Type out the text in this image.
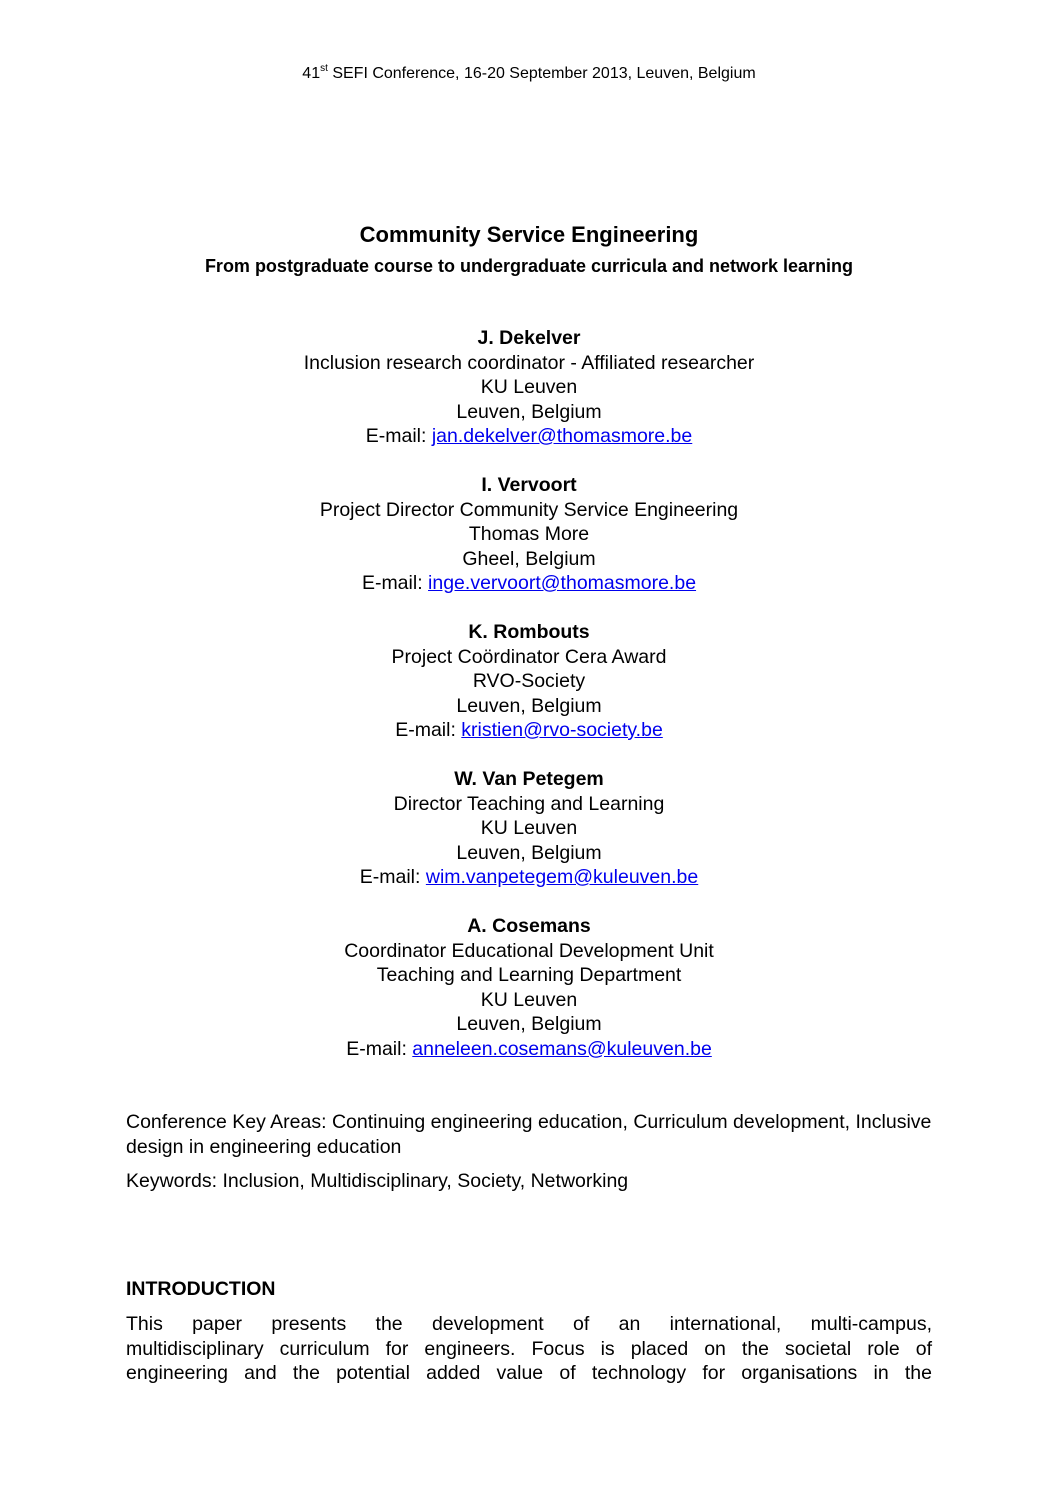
41st SEFI Conference, 16-20 September 2013, Leuven, Belgium
Community Service Engineering

From postgraduate course to undergraduate curricula and network learning

J. Dekelver
Inclusion research coordinator - Affiliated researcher
KU Leuven
Leuven, Belgium
E-mail: jan.dekelver@thomasmore.be
I. Vervoort
Project Director Community Service Engineering
Thomas More
Gheel, Belgium
E-mail: inge.vervoort@thomasmore.be
K. Rombouts
Project Coördinator Cera Award
RVO-Society
Leuven, Belgium
E-mail: kristien@rvo-society.be
W. Van Petegem
Director Teaching and Learning
KU Leuven
Leuven, Belgium
E-mail: wim.vanpetegem@kuleuven.be
A. Cosemans
Coordinator Educational Development Unit
Teaching and Learning Department
KU Leuven
Leuven, Belgium
E-mail: anneleen.cosemans@kuleuven.be

Conference Key Areas: Continuing engineering education, Curriculum development, Inclusive design in engineering education

Keywords: Inclusion, Multidisciplinary, Society, Networking

INTRODUCTION

This paper presents the development of an international, multi-campus,

multidisciplinary curriculum for engineers. Focus is placed on the societal role of

engineering and the potential added value of technology for organisations in the
